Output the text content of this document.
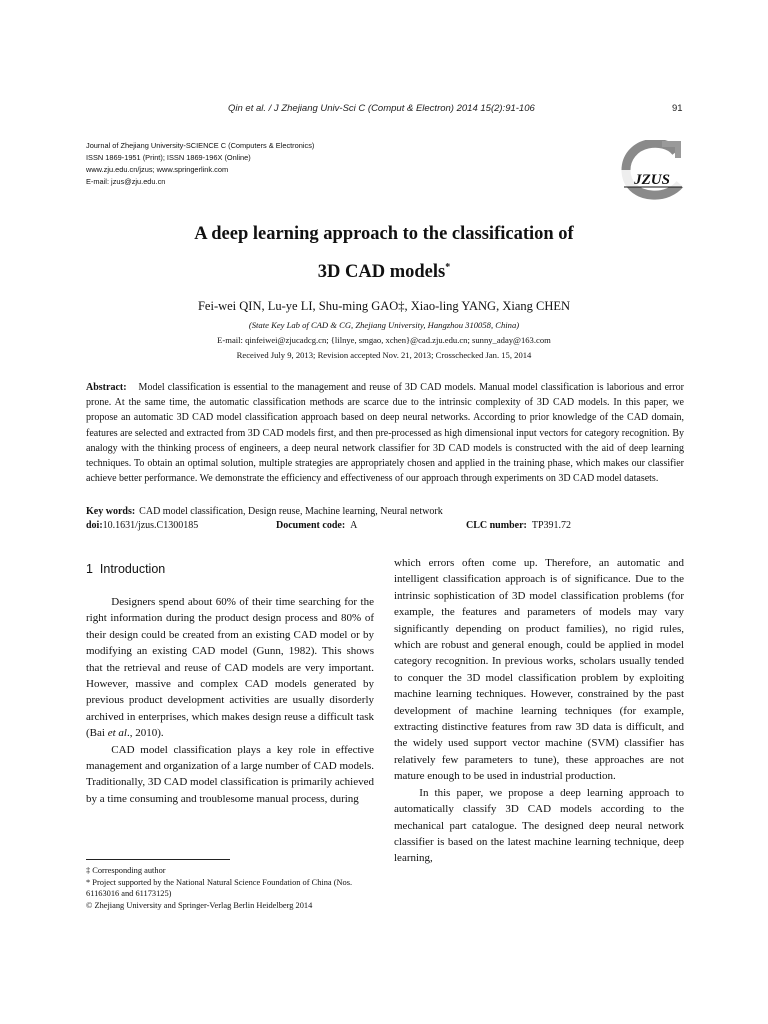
Qin et al. / J Zhejiang Univ-Sci C (Comput & Electron) 2014 15(2):91-106	91
Journal of Zhejiang University-SCIENCE C (Computers & Electronics)
ISSN 1869-1951 (Print); ISSN 1869-196X (Online)
www.zju.edu.cn/jzus; www.springerlink.com
E-mail: jzus@zju.edu.cn	JZUS
A deep learning approach to the classification of
3D CAD models*
Fei-wei QIN, Lu-ye LI, Shu-ming GAO‡, Xiao-ling YANG, Xiang CHEN
(State Key Lab of CAD & CG, Zhejiang University, Hangzhou 310058, China)
E-mail: qinfeiwei@zjucadcg.cn; {lilnye, smgao, xchen}@cad.zju.edu.cn; sunny_aday@163.com
Received July 9, 2013; Revision accepted Nov. 21, 2013; Crosschecked Jan. 15, 2014
Abstract: Model classification is essential to the management and reuse of 3D CAD models. Manual model classification is laborious and error prone. At the same time, the automatic classification methods are scarce due to the intrinsic complexity of 3D CAD models. In this paper, we propose an automatic 3D CAD model classification approach based on deep neural networks. According to prior knowledge of the CAD domain, features are selected and extracted from 3D CAD models first, and then pre-processed as high dimensional input vectors for category recognition. By analogy with the thinking process of engineers, a deep neural network classifier for 3D CAD models is constructed with the aid of deep learning techniques. To obtain an optimal solution, multiple strategies are appropriately chosen and applied in the training phase, which makes our classifier achieve better performance. We demonstrate the efficiency and effectiveness of our approach through experiments on 3D CAD model datasets.
Key words: CAD model classification, Design reuse, Machine learning, Neural network
doi:10.1631/jzus.C1300185	Document code: A	CLC number: TP391.72
1 Introduction

Designers spend about 60% of their time searching for the right information during the product design process and 80% of their design could be created from an existing CAD model or by modifying an existing CAD model (Gunn, 1982). This shows that the retrieval and reuse of CAD models are very important. However, massive and complex CAD models generated by previous product development activities are usually disorderly archived in enterprises, which makes design reuse a difficult task (Bai et al., 2010).

CAD model classification plays a key role in effective management and organization of a large number of CAD models. Traditionally, 3D CAD model classification is primarily achieved by a time consuming and troublesome manual process, during

which errors often come up. Therefore, an automatic and intelligent classification approach is of significance. Due to the intrinsic sophistication of 3D model classification problems (for example, the features and parameters of models may vary significantly depending on product families), no rigid rules, which are robust and general enough, could be applied in model category recognition. In previous works, scholars usually tended to conquer the 3D model classification problem by exploiting machine learning techniques. However, constrained by the past development of machine learning techniques (for example, extracting distinctive features from raw 3D data is difficult, and the widely used support vector machine (SVM) classifier has relatively few parameters to tune), these approaches are not mature enough to be used in industrial production.

In this paper, we propose a deep learning approach to automatically classify 3D CAD models according to the mechanical part catalogue. The designed deep neural network classifier is based on the latest machine learning technique, deep learning,

‡ Corresponding author
* Project supported by the National Natural Science Foundation of China (Nos. 61163016 and 61173125)
© Zhejiang University and Springer-Verlag Berlin Heidelberg 2014
